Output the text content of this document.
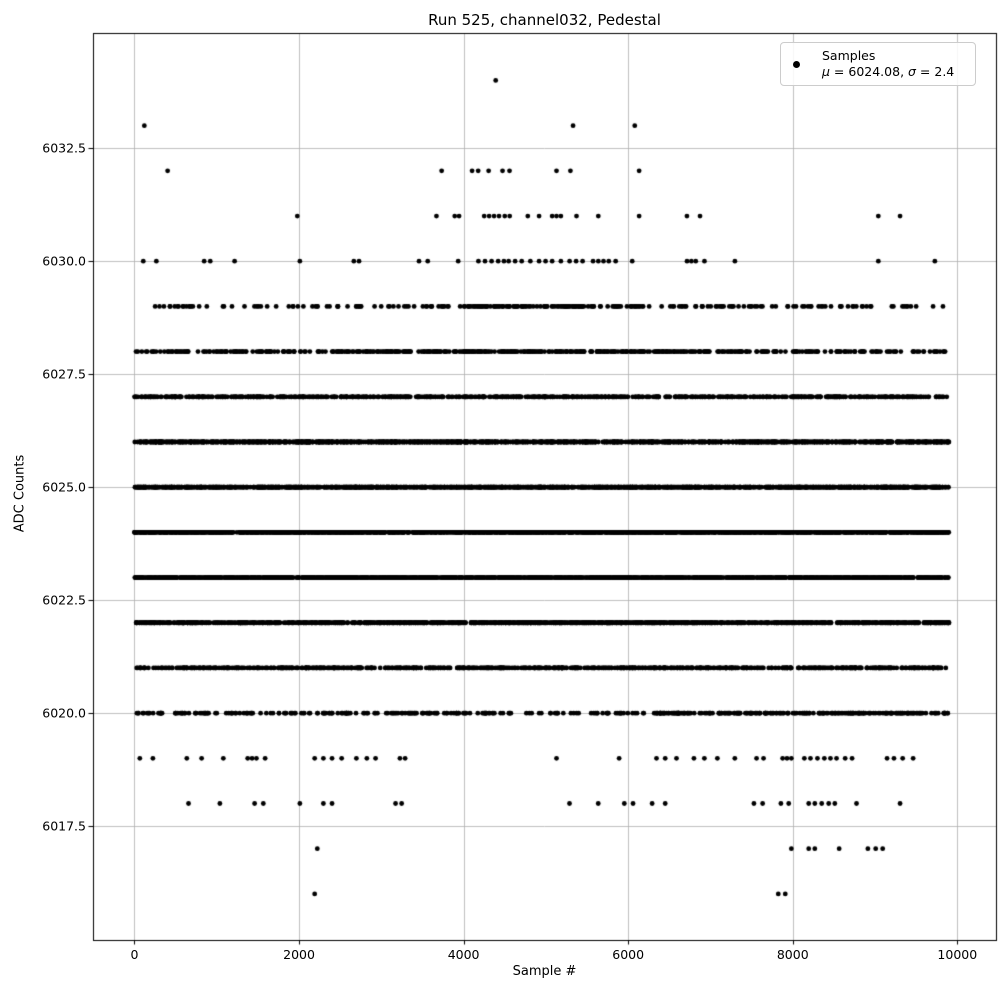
Run 525, channel032, Pedestal
ADC Counts
Sample #
0	2000	4000	6000	8000	10000
6017.5
6020.0
6022.5
6025.0
6027.5
6030.0
6032.5
Samples
μ = 6024.08, σ = 2.4
